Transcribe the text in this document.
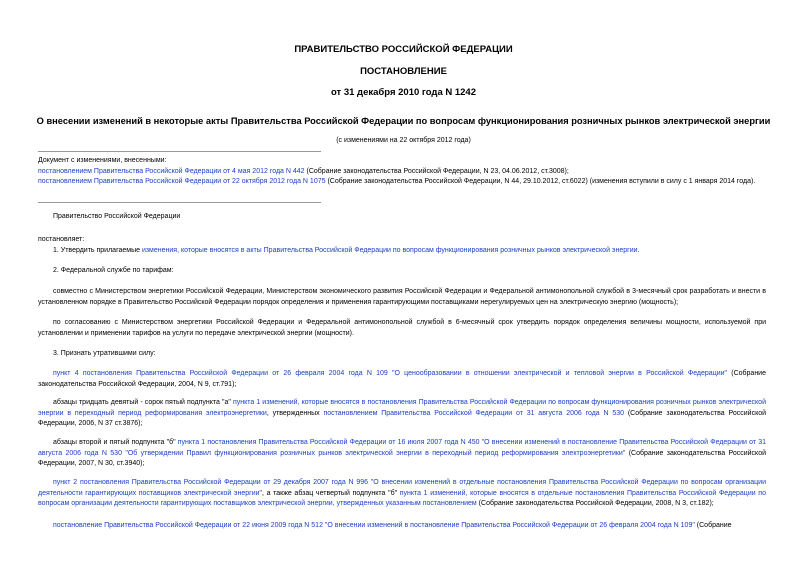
ПРАВИТЕЛЬСТВО РОССИЙСКОЙ ФЕДЕРАЦИИ
ПОСТАНОВЛЕНИЕ
от 31 декабря 2010 года N 1242
О внесении изменений в некоторые акты Правительства Российской Федерации по вопросам функционирования розничных рынков электрической энергии
(с изменениями на 22 октября 2012 года)
Документ с изменениями, внесенными:
постановлением Правительства Российской Федерации от 4 мая 2012 года N 442 (Собрание законодательства Российской Федерации, N 23, 04.06.2012, ст.3008);
постановлением Правительства Российской Федерации от 22 октября 2012 года N 1075 (Собрание законодательства Российской Федерации, N 44, 29.10.2012, ст.6022) (изменения вступили в силу с 1 января 2014 года).
Правительство Российской Федерации
постановляет:
1. Утвердить прилагаемые изменения, которые вносятся в акты Правительства Российской Федерации по вопросам функционирования розничных рынков электрической энергии.
2. Федеральной службе по тарифам:
совместно с Министерством энергетики Российской Федерации, Министерством экономического развития Российской Федерации и Федеральной антимонопольной службой в 3-месячный срок разработать и внести в установленном порядке в Правительство Российской Федерации порядок определения и применения гарантирующими поставщиками нерегулируемых цен на электрическую энергию (мощность);
по согласованию с Министерством энергетики Российской Федерации и Федеральной антимонопольной службой в 6-месячный срок утвердить порядок определения величины мощности, используемой при установлении и применении тарифов на услуги по передаче электрической энергии (мощности).
3. Признать утратившими силу:
пункт 4 постановления Правительства Российской Федерации от 26 февраля 2004 года N 109 "О ценообразовании в отношении электрической и тепловой энергии в Российской Федерации" (Собрание законодательства Российской Федерации, 2004, N 9, ст.791);
абзацы тридцать девятый - сорок пятый подпункта "а" пункта 1 изменений, которые вносятся в постановления Правительства Российской Федерации по вопросам функционирования розничных рынков электрической энергии в переходный период реформирования электроэнергетики, утвержденных постановлением Правительства Российской Федерации от 31 августа 2006 года N 530 (Собрание законодательства Российской Федерации, 2006, N 37 ст.3876);
абзацы второй и пятый подпункта "б" пункта 1 постановления Правительства Российской Федерации от 16 июля 2007 года N 450 "О внесении изменений в постановление Правительства Российской Федерации от 31 августа 2006 года N 530 "Об утверждении Правил функционирования розничных рынков электрической энергии в переходный период реформирования электроэнергетики" (Собрание законодательства Российской Федерации, 2007, N 30, ст.3940);
пункт 2 постановления Правительства Российской Федерации от 29 декабря 2007 года N 996 "О внесении изменений в отдельные постановления Правительства Российской Федерации по вопросам организации деятельности гарантирующих поставщиков электрической энергии", а также абзац четвертый подпункта "б" пункта 1 изменений, которые вносятся в отдельные постановления Правительства Российской Федерации по вопросам организации деятельности гарантирующих поставщиков электрической энергии, утвержденных указанным постановлением (Собрание законодательства Российской Федерации, 2008, N 3, ст.182);
постановление Правительства Российской Федерации от 22 июня 2009 года N 512 "О внесении изменений в постановление Правительства Российской Федерации от 26 февраля 2004 года N 109" (Собрание
